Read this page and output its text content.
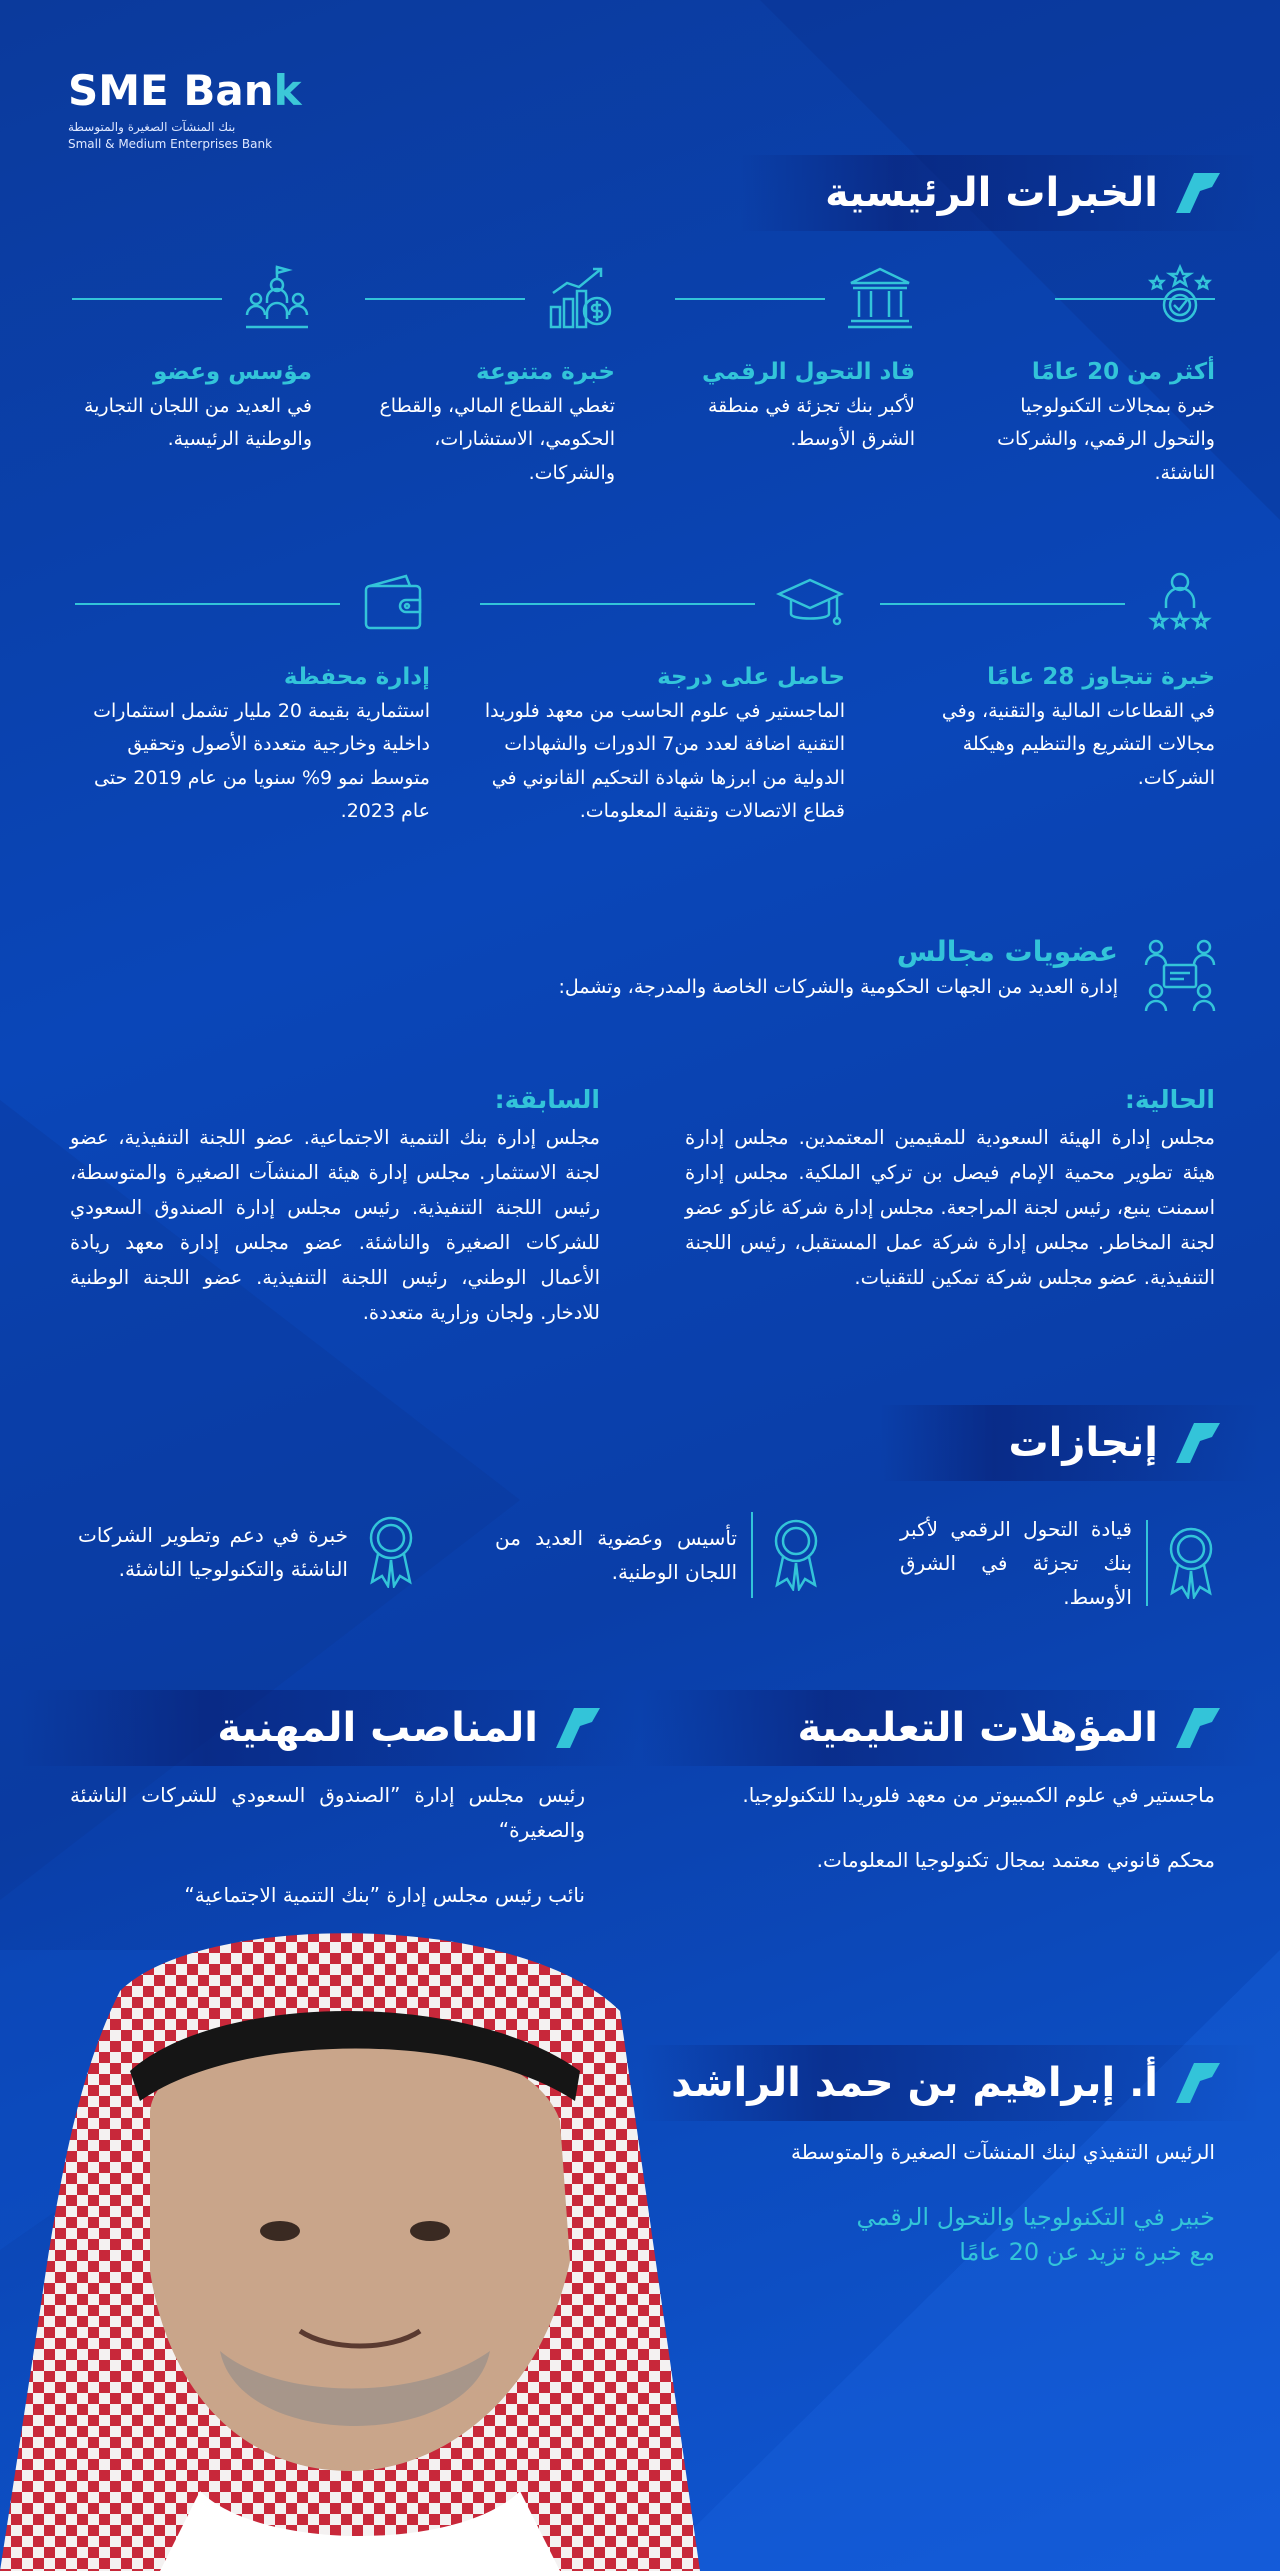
SME Bank
بنك المنشآت الصغيرة والمتوسطة
Small & Medium Enterprises Bank
الخبرات الرئيسية
أكثر من 20 عامًا
خبرة بمجالات التكنولوجيا والتحول الرقمي، والشركات الناشئة.
قاد التحول الرقمي
لأكبر بنك تجزئة في منطقة الشرق الأوسط.
خبرة متنوعة
تغطي القطاع المالي، والقطاع الحكومي، الاستشارات، والشركات.
مؤسس وعضو
في العديد من اللجان التجارية والوطنية الرئيسية.
خبرة تتجاوز 28 عامًا
في القطاعات المالية والتقنية، وفي مجالات التشريع والتنظيم وهيكلة الشركات.
حاصل على درجة
الماجستير في علوم الحاسب من معهد فلوريدا التقنية اضافة لعدد من7 الدورات والشهادات الدولية من ابرزها شهادة التحكيم القانوني في قطاع الاتصالات وتقنية المعلومات.
إدارة محفظة
استثمارية بقيمة 20 مليار تشمل استثمارات داخلية وخارجية متعددة الأصول وتحقيق متوسط نمو 9% سنويا من عام 2019 حتى عام 2023.
عضويات مجالس
إدارة العديد من الجهات الحكومية والشركات الخاصة والمدرجة، وتشمل:
الحالية:
مجلس إدارة الهيئة السعودية للمقيمين المعتمدين. مجلس إدارة هيئة تطوير محمية الإمام فيصل بن تركي الملكية. مجلس إدارة اسمنت ينبع، رئيس لجنة المراجعة. مجلس إدارة شركة غازكو عضو لجنة المخاطر. مجلس إدارة شركة عمل المستقبل، رئيس اللجنة التنفيذية. عضو مجلس شركة تمكين للتقنيات.
السابقة:
مجلس إدارة بنك التنمية الاجتماعية. عضو اللجنة التنفيذية، عضو لجنة الاستثمار. مجلس إدارة هيئة المنشآت الصغيرة والمتوسطة، رئيس اللجنة التنفيذية. رئيس مجلس إدارة الصندوق السعودي للشركات الصغيرة والناشئة. عضو مجلس إدارة معهد ريادة الأعمال الوطني، رئيس اللجنة التنفيذية. عضو اللجنة الوطنية للادخار. ولجان وزارية متعددة.
إنجازات
قيادة التحول الرقمي لأكبر بنك تجزئة في الشرق الأوسط.
تأسيس وعضوية العديد من اللجان الوطنية.
خبرة في دعم وتطوير الشركات الناشئة والتكنولوجيا الناشئة.
المؤهلات التعليمية

ماجستير في علوم الكمبيوتر من معهد فلوريدا للتكنولوجيا.

محكم قانوني معتمد بمجال تكنولوجيا المعلومات.

المناصب المهنية

رئيس مجلس إدارة ”الصندوق السعودي للشركات الناشئة والصغيرة“

نائب رئيس مجلس إدارة ”بنك التنمية الاجتماعية“

أ. إبراهيم بن حمد الراشد
الرئيس التنفيذي لبنك المنشآت الصغيرة والمتوسطة
خبير في التكنولوجيا والتحول الرقمي
مع خبرة تزيد عن 20 عامًا
